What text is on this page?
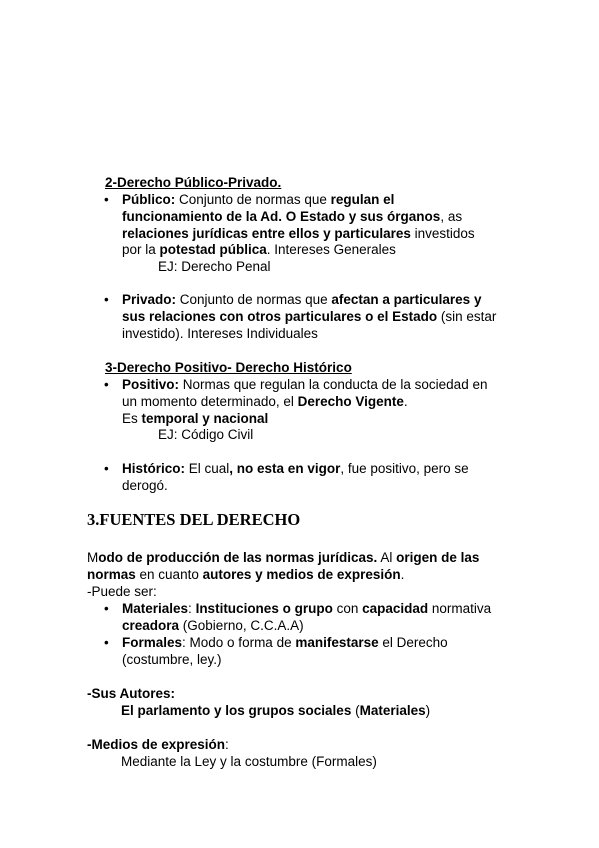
2-Derecho Público-Privado.
• Público: Conjunto de normas que regulan el

funcionamiento de la Ad. O Estado y sus órganos, as

relaciones jurídicas entre ellos y particulares investidos

por la potestad pública. Intereses Generales

EJ: Derecho Penal

• Privado: Conjunto de normas que afectan a particulares y

sus relaciones con otros particulares o el Estado (sin estar

investido). Intereses Individuales

3-Derecho Positivo- Derecho Histórico
• Positivo: Normas que regulan la conducta de la sociedad en

un momento determinado, el Derecho Vigente.

Es temporal y nacional

EJ: Código Civil

• Histórico: El cual, no esta en vigor, fue positivo, pero se

derogó.

3.FUENTES DEL DERECHO

Modo de producción de las normas jurídicas. Al origen de las

normas en cuanto autores y medios de expresión.

-Puede ser:

• Materiales: Instituciones o grupo con capacidad normativa

creadora (Gobierno, C.C.A.A)

• Formales: Modo o forma de manifestarse el Derecho

(costumbre, ley.)

-Sus Autores:

El parlamento y los grupos sociales (Materiales)

-Medios de expresión:

Mediante la Ley y la costumbre (Formales)
